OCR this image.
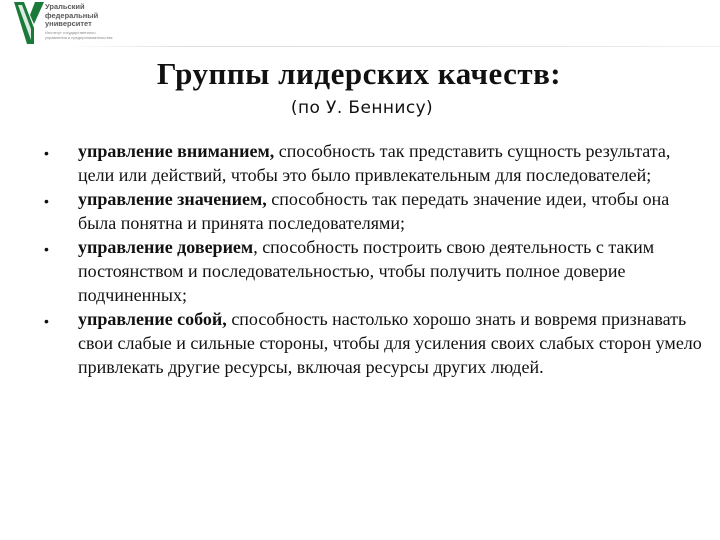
Уральский
федеральный
университет
Институт государственного
управления и предпринимательства
Группы лидерских качеств:
(по У. Беннису)
• управление вниманием, способность так представить сущность результата, цели или действий, чтобы это было привлекательным для последователей;
• управление значением, способность так передать значение идеи, чтобы она была понятна и принята последователями;
• управление доверием, способность построить свою деятельность с таким постоянством и последовательностью, чтобы получить полное доверие подчиненных;
• управление собой, способность настолько хорошо знать и вовремя признавать свои слабые и сильные стороны, чтобы для усиления своих слабых сторон умело привлекать другие ресурсы, включая ресурсы других людей.
